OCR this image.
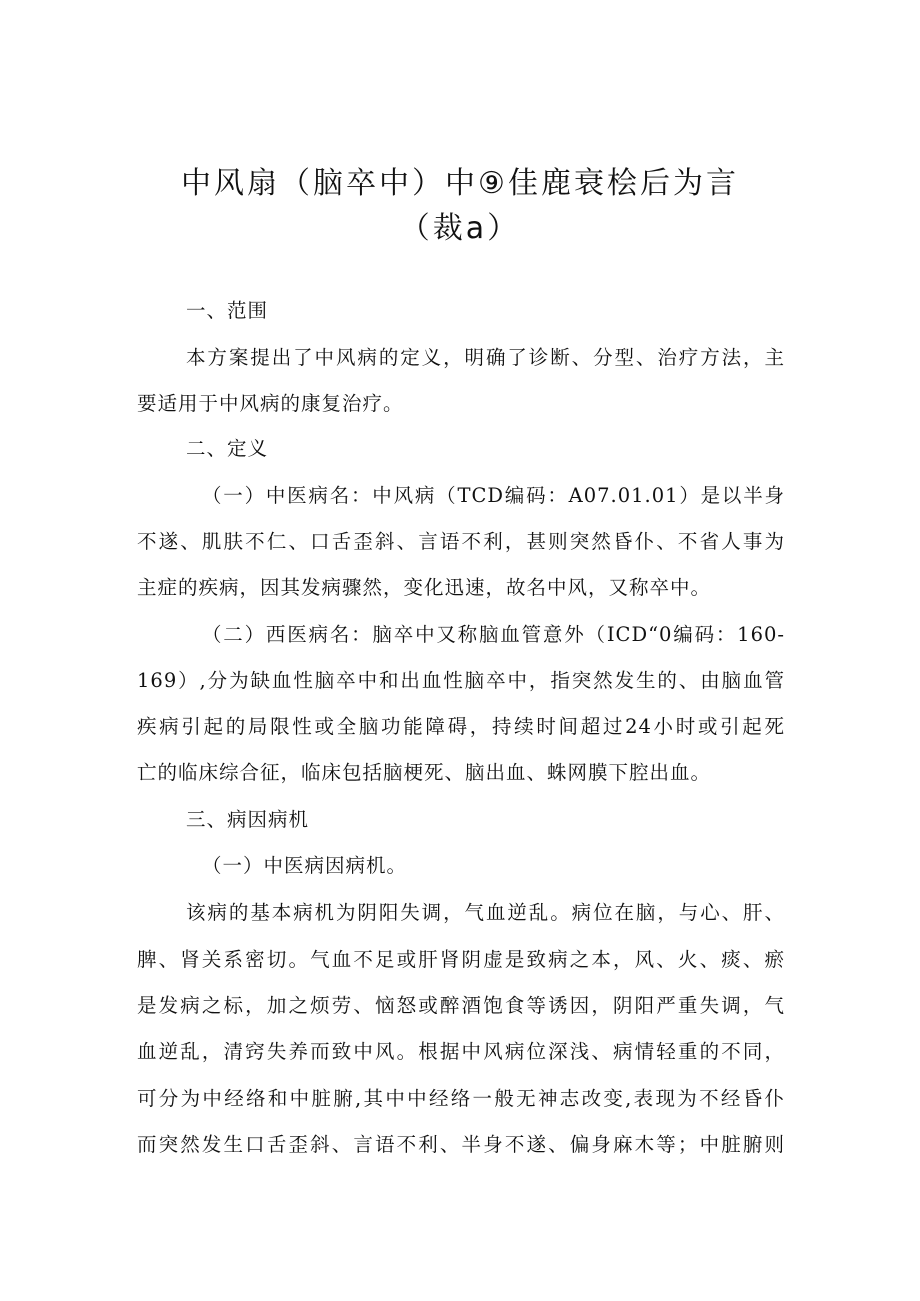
中风扇（脑卒中）中⑨佳鹿衰桧后为言
（裁a）
一、范围
本方案提出了中风病的定义，明确了诊断、分型、治疗方法，主
要适用于中风病的康复治疗。
二、定义
（一）中医病名：中风病（TCD编码：A07.01.01）是以半身
不遂、肌肤不仁、口舌歪斜、言语不利，甚则突然昏仆、不省人事为
主症的疾病，因其发病骤然，变化迅速，故名中风，又称卒中。
（二）西医病名：脑卒中又称脑血管意外（ICD“0编码：160-
169）,分为缺血性脑卒中和出血性脑卒中，指突然发生的、由脑血管
疾病引起的局限性或全脑功能障碍，持续时间超过24小时或引起死
亡的临床综合征，临床包括脑梗死、脑出血、蛛网膜下腔出血。
三、病因病机
（一）中医病因病机。
该病的基本病机为阴阳失调，气血逆乱。病位在脑，与心、肝、
脾、肾关系密切。气血不足或肝肾阴虚是致病之本，风、火、痰、瘀
是发病之标，加之烦劳、恼怒或醉酒饱食等诱因，阴阳严重失调，气
血逆乱，清窍失养而致中风。根据中风病位深浅、病情轻重的不同，
可分为中经络和中脏腑,其中中经络一般无神志改变,表现为不经昏仆
而突然发生口舌歪斜、言语不利、半身不遂、偏身麻木等；中脏腑则
